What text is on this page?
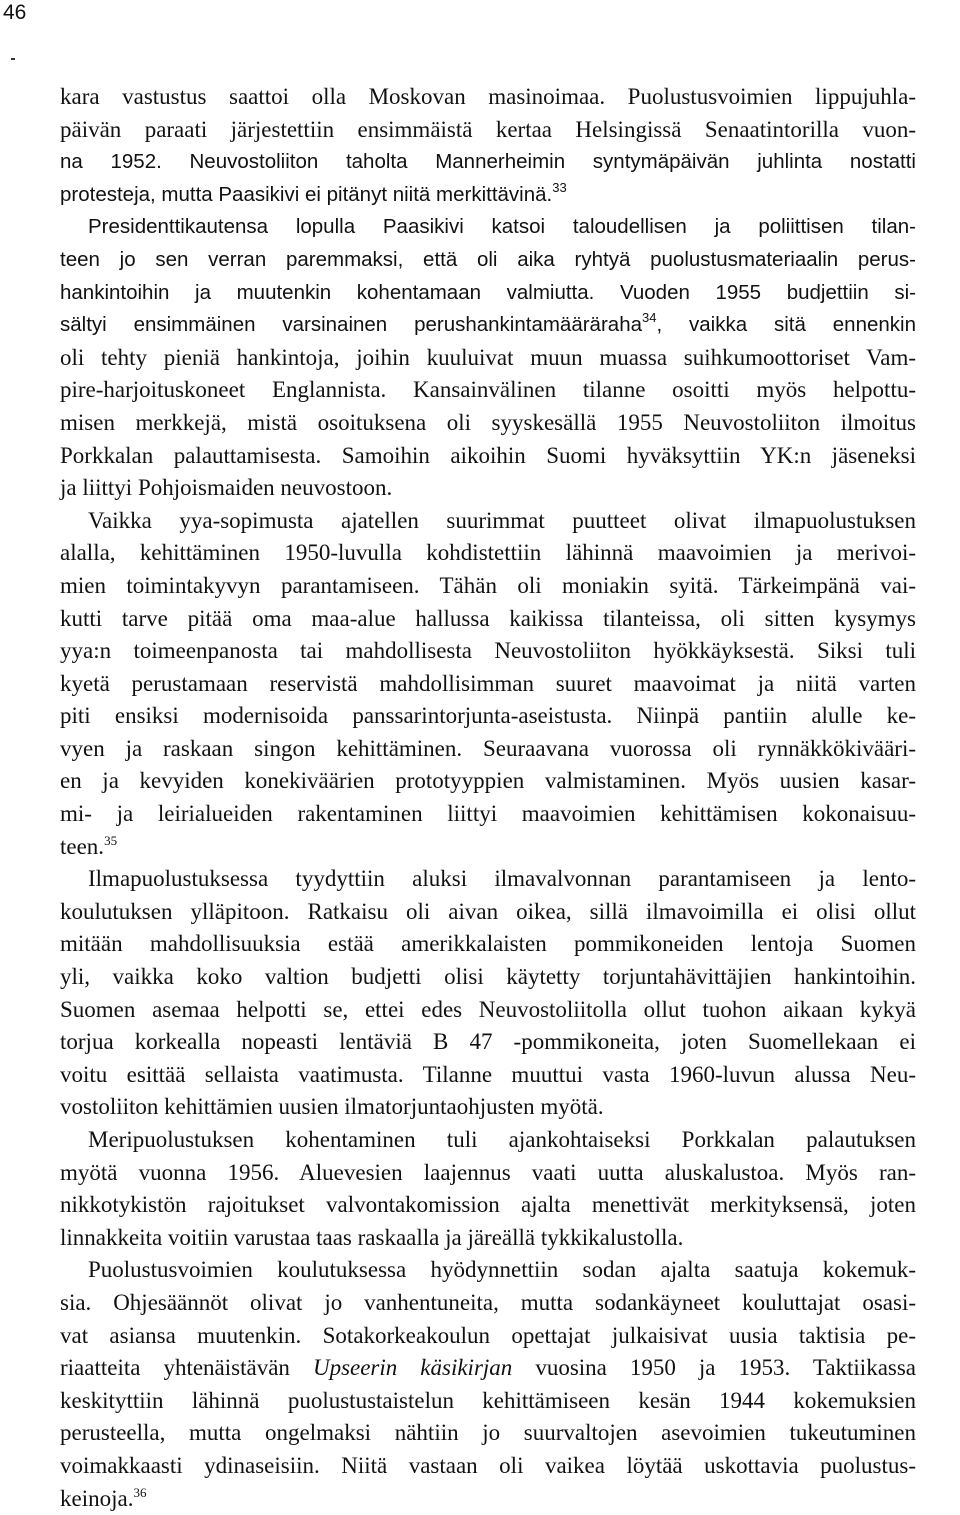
46
kara vastustus saattoi olla Moskovan masinoimaa. Puolustusvoimien lippujuhla-
päivän paraati järjestettiin ensimmäistä kertaa Helsingissä Senaatintorilla vuon-
na 1952. Neuvostoliiton taholta Mannerheimin syntymäpäivän juhlinta nostatti
protesteja, mutta Paasikivi ei pitänyt niitä merkittävinä.$^{33}$
Presidenttikautensa lopulla Paasikivi katsoi taloudellisen ja poliittisen tilan-
teen jo sen verran paremmaksi, että oli aika ryhtyä puolustusmateriaalin perus-
hankintoihin ja muutenkin kohentamaan valmiutta. Vuoden 1955 budjettiin si-
sältyi ensimmäinen varsinainen perushankintamääräraha$^{34}$, vaikka sitä ennenkin
oli tehty pieniä hankintoja, joihin kuuluivat muun muassa suihkumoottoriset Vam-
pire-harjoituskoneet Englannista. Kansainvälinen tilanne osoitti myös helpottu-
misen merkkejä, mistä osoituksena oli syyskesällä 1955 Neuvostoliiton ilmoitus
Porkkalan palauttamisesta. Samoihin aikoihin Suomi hyväksyttiin YK:n jäseneksi
ja liittyi Pohjoismaiden neuvostoon.
Vaikka yya-sopimusta ajatellen suurimmat puutteet olivat ilmapuolustuksen
alalla, kehittäminen 1950-luvulla kohdistettiin lähinnä maavoimien ja merivoi-
mien toimintakyvyn parantamiseen. Tähän oli moniakin syitä. Tärkeimpänä vai-
kutti tarve pitää oma maa-alue hallussa kaikissa tilanteissa, oli sitten kysymys
yya:n toimeenpanosta tai mahdollisesta Neuvostoliiton hyökkäyksestä. Siksi tuli
kyetä perustamaan reservistä mahdollisimman suuret maavoimat ja niitä varten
piti ensiksi modernisoida panssarintorjunta-aseistusta. Niinpä pantiin alulle ke-
vyen ja raskaan singon kehittäminen. Seuraavana vuorossa oli rynnäkkökivääri-
en ja kevyiden konekiväärien prototyyppien valmistaminen. Myös uusien kasar-
mi- ja leirialueiden rakentaminen liittyi maavoimien kehittämisen kokonaisuu-
teen.$^{35}$
Ilmapuolustuksessa tyydyttiin aluksi ilmavalvonnan parantamiseen ja lento-
koulutuksen ylläpitoon. Ratkaisu oli aivan oikea, sillä ilmavoimilla ei olisi ollut
mitään mahdollisuuksia estää amerikkalaisten pommikoneiden lentoja Suomen
yli, vaikka koko valtion budjetti olisi käytetty torjuntahävittäjien hankintoihin.
Suomen asemaa helpotti se, ettei edes Neuvostoliitolla ollut tuohon aikaan kykyä
torjua korkealla nopeasti lentäviä B 47 -pommikoneita, joten Suomellekaan ei
voitu esittää sellaista vaatimusta. Tilanne muuttui vasta 1960-luvun alussa Neu-
vostoliiton kehittämien uusien ilmatorjuntaohjusten myötä.
Meripuolustuksen kohentaminen tuli ajankohtaiseksi Porkkalan palautuksen
myötä vuonna 1956. Aluevesien laajennus vaati uutta aluskalustoa. Myös ran-
nikkotykistön rajoitukset valvontakomission ajalta menettivät merkityksensä, joten
linnakkeita voitiin varustaa taas raskaalla ja järeällä tykkikalustolla.
Puolustusvoimien koulutuksessa hyödynnettiin sodan ajalta saatuja kokemuk-
sia. Ohjesäännöt olivat jo vanhentuneita, mutta sodankäyneet kouluttajat osasi-
vat asiansa muutenkin. Sotakorkeakoulun opettajat julkaisivat uusia taktisia pe-
riaatteita yhtenäistävän Upseerin käsikirjan vuosina 1950 ja 1953. Taktiikassa
keskityttiin lähinnä puolustustaistelun kehittämiseen kesän 1944 kokemuksien
perusteella, mutta ongelmaksi nähtiin jo suurvaltojen asevoimien tukeutuminen
voimakkaasti ydinaseisiin. Niitä vastaan oli vaikea löytää uskottavia puolustus-
keinoja.$^{36}$
